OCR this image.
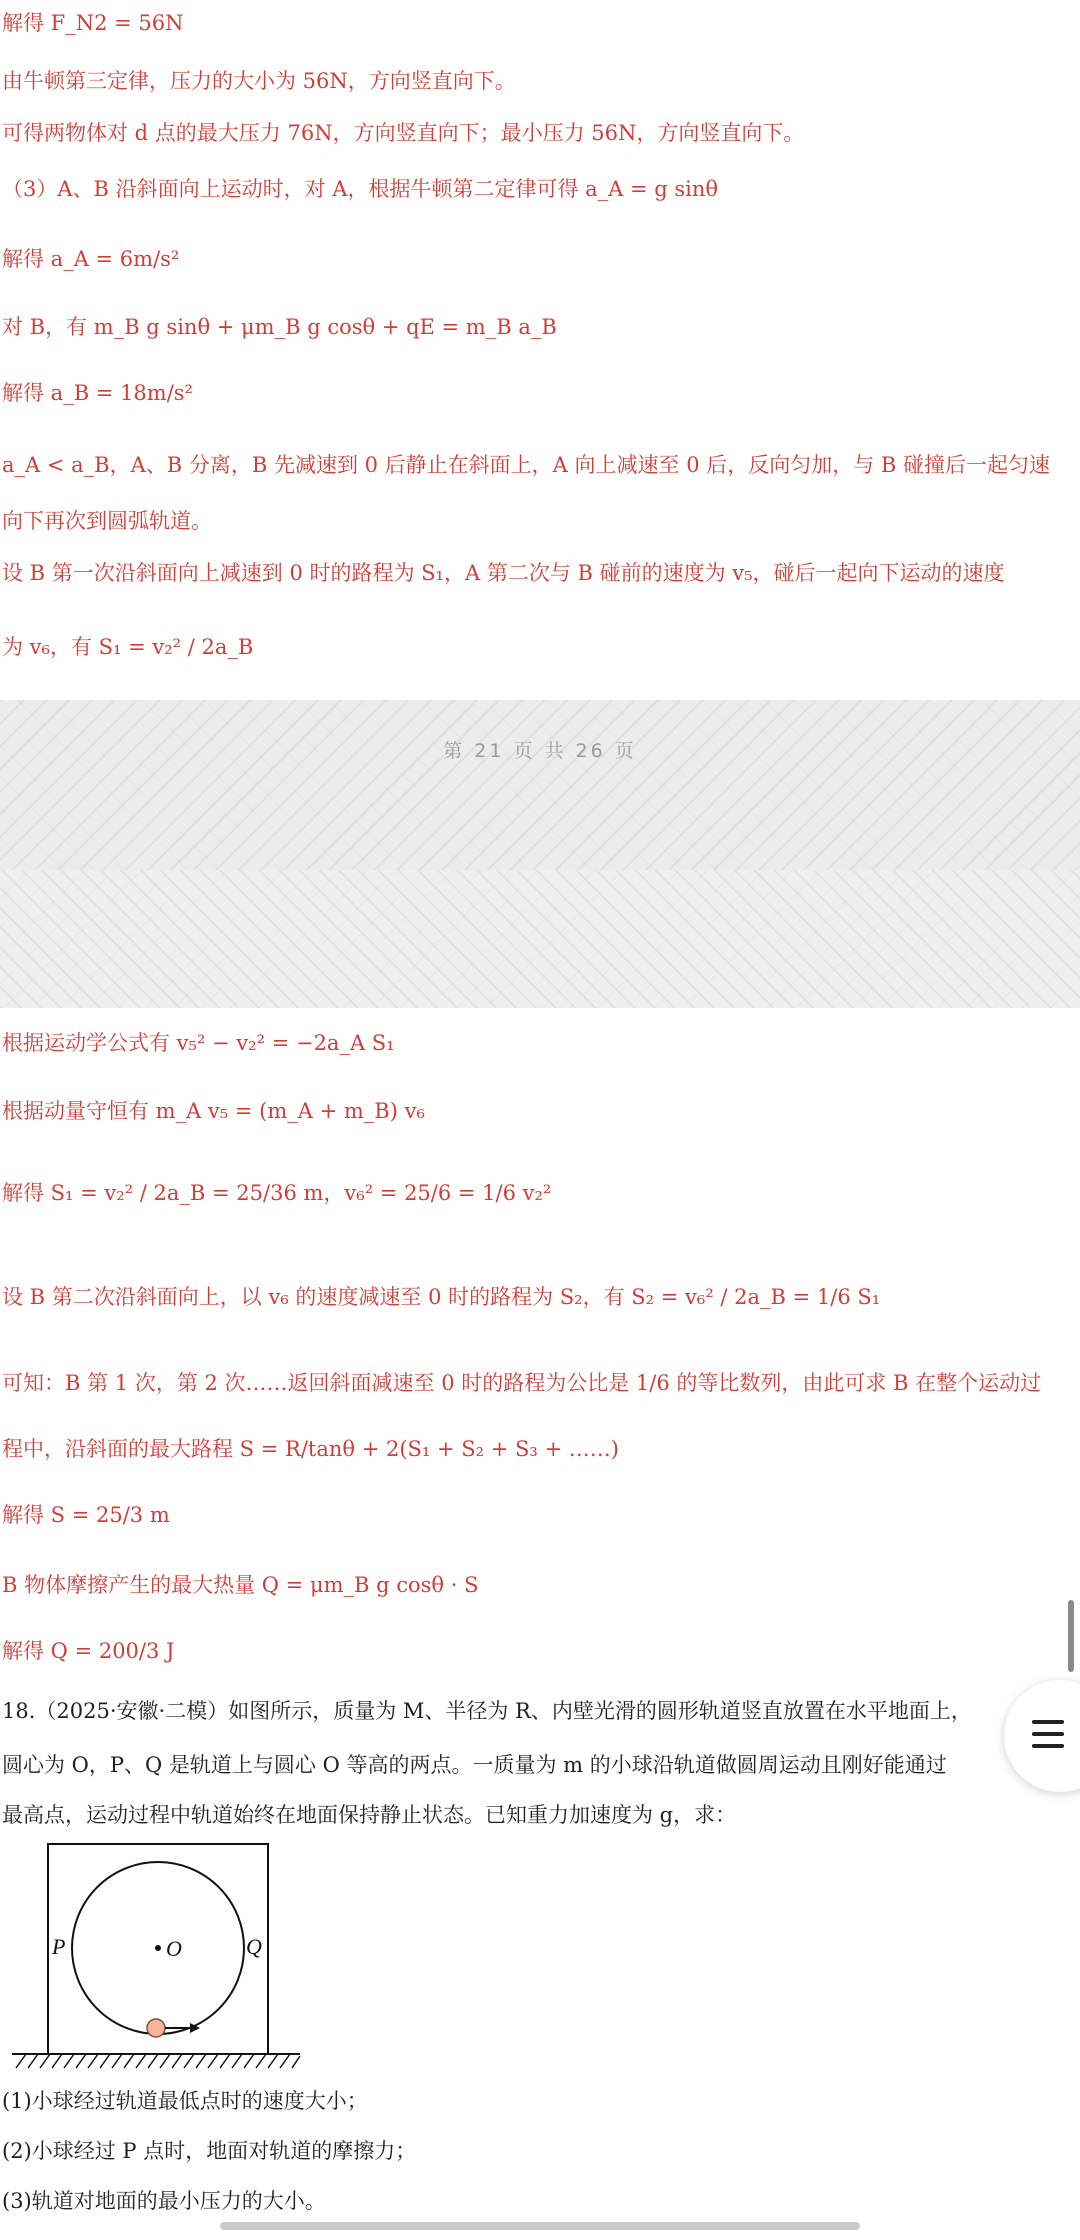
解得 F_N2 = 56N
由牛顿第三定律，压力的大小为 56N，方向竖直向下。
可得两物体对 d 点的最大压力 76N，方向竖直向下；最小压力 56N，方向竖直向下。
（3）A、B 沿斜面向上运动时，对 A，根据牛顿第二定律可得 a_A = g sinθ
解得 a_A = 6m/s²
对 B，有 m_B g sinθ + μm_B g cosθ + qE = m_B a_B
解得 a_B = 18m/s²
a_A < a_B，A、B 分离，B 先减速到 0 后静止在斜面上，A 向上减速至 0 后，反向匀加，与 B 碰撞后一起匀速
向下再次到圆弧轨道。
设 B 第一次沿斜面向上减速到 0 时的路程为 S₁，A 第二次与 B 碰前的速度为 v₅，碰后一起向下运动的速度
为 v₆，有 S₁ = v₂² / 2a_B
第 21 页 共 26 页
根据运动学公式有 v₅² − v₂² = −2a_A S₁
根据动量守恒有 m_A v₅ = (m_A + m_B) v₆
解得 S₁ = v₂² / 2a_B = 25/36 m，v₆² = 25/6 = 1/6 v₂²
设 B 第二次沿斜面向上，以 v₆ 的速度减速至 0 时的路程为 S₂，有 S₂ = v₆² / 2a_B = 1/6 S₁
可知：B 第 1 次，第 2 次……返回斜面减速至 0 时的路程为公比是 1/6 的等比数列，由此可求 B 在整个运动过
程中，沿斜面的最大路程 S = R/tanθ + 2(S₁ + S₂ + S₃ + ……)
解得 S = 25/3 m
B 物体摩擦产生的最大热量 Q = μm_B g cosθ · S
解得 Q = 200/3 J
18.（2025·安徽·二模）如图所示，质量为 M、半径为 R、内壁光滑的圆形轨道竖直放置在水平地面上，
圆心为 O，P、Q 是轨道上与圆心 O 等高的两点。一质量为 m 的小球沿轨道做圆周运动且刚好能通过
最高点，运动过程中轨道始终在地面保持静止状态。已知重力加速度为 g，求：
P	Q
O
(1)小球经过轨道最低点时的速度大小；
(2)小球经过 P 点时，地面对轨道的摩擦力；
(3)轨道对地面的最小压力的大小。
